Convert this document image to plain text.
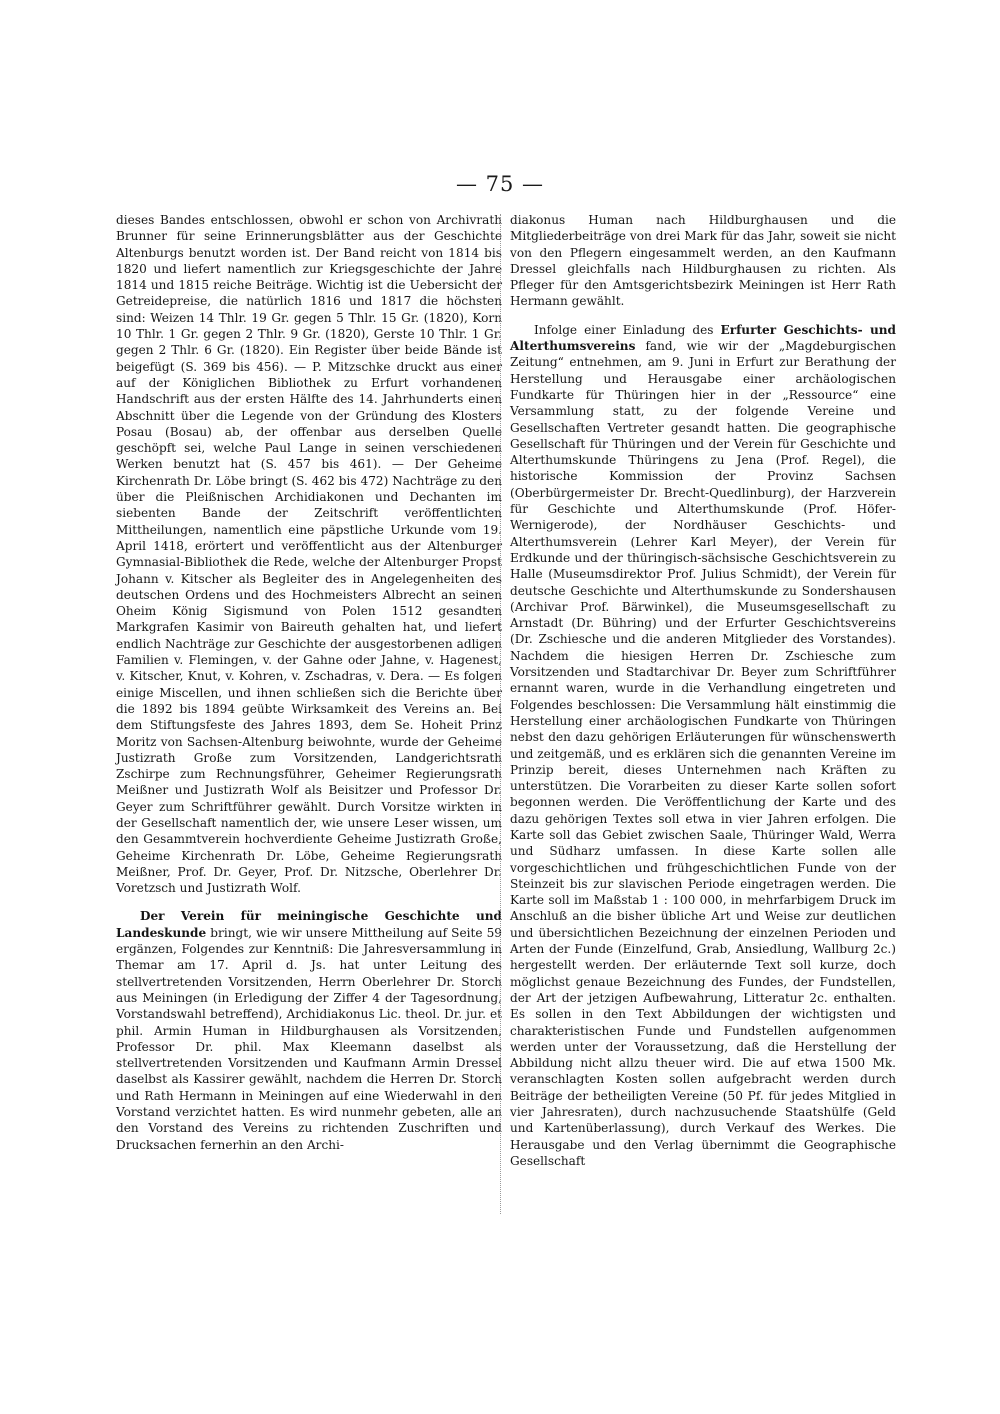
— 75 —

dieses Bandes entschlossen, obwohl er schon von Archivrath Brunner für seine Erinnerungsblätter aus der Geschichte Altenburgs benutzt worden ist. Der Band reicht von 1814 bis 1820 und liefert namentlich zur Kriegsgeschichte der Jahre 1814 und 1815 reiche Beiträge. Wichtig ist die Uebersicht der Getreidepreise, die natürlich 1816 und 1817 die höchsten sind: Weizen 14 Thlr. 19 Gr. gegen 5 Thlr. 15 Gr. (1820), Korn 10 Thlr. 1 Gr. gegen 2 Thlr. 9 Gr. (1820), Gerste 10 Thlr. 1 Gr. gegen 2 Thlr. 6 Gr. (1820). Ein Register über beide Bände ist beigefügt (S. 369 bis 456). — P. Mitzschke druckt aus einer auf der Königlichen Bibliothek zu Erfurt vorhandenen Handschrift aus der ersten Hälfte des 14. Jahrhunderts einen Abschnitt über die Legende von der Gründung des Klosters Posau (Bosau) ab, der offenbar aus derselben Quelle geschöpft sei, welche Paul Lange in seinen verschiedenen Werken benutzt hat (S. 457 bis 461). — Der Geheime Kirchenrath Dr. Löbe bringt (S. 462 bis 472) Nachträge zu den über die Pleißnischen Archidiakonen und Dechanten im siebenten Bande der Zeitschrift veröffentlichten Mittheilungen, namentlich eine päpstliche Urkunde vom 19. April 1418, erörtert und veröffentlicht aus der Altenburger Gymnasial-Bibliothek die Rede, welche der Altenburger Propst Johann v. Kitscher als Begleiter des in Angelegenheiten des deutschen Ordens und des Hochmeisters Albrecht an seinen Oheim König Sigismund von Polen 1512 gesandten Markgrafen Kasimir von Baireuth gehalten hat, und liefert endlich Nachträge zur Geschichte der ausgestorbenen adligen Familien v. Flemingen, v. der Gahne oder Jahne, v. Hagenest, v. Kitscher, Knut, v. Kohren, v. Zschadras, v. Dera. — Es folgen einige Miscellen, und ihnen schließen sich die Berichte über die 1892 bis 1894 geübte Wirksamkeit des Vereins an. Bei dem Stiftungsfeste des Jahres 1893, dem Se. Hoheit Prinz Moritz von Sachsen-Altenburg beiwohnte, wurde der Geheime Justizrath Große zum Vorsitzenden, Landgerichtsrath Zschirpe zum Rechnungsführer, Geheimer Regierungsrath Meißner und Justizrath Wolf als Beisitzer und Professor Dr. Geyer zum Schriftführer gewählt. Durch Vorsitze wirkten in der Gesellschaft namentlich der, wie unsere Leser wissen, um den Gesammtverein hochverdiente Geheime Justizrath Große, Geheime Kirchenrath Dr. Löbe, Geheime Regierungsrath Meißner, Prof. Dr. Geyer, Prof. Dr. Nitzsche, Oberlehrer Dr. Voretzsch und Justizrath Wolf.

Der Verein für meiningische Geschichte und Landeskunde bringt, wie wir unsere Mittheilung auf Seite 59 ergänzen, Folgendes zur Kenntniß: Die Jahresversammlung in Themar am 17. April d. Js. hat unter Leitung des stellvertretenden Vorsitzenden, Herrn Oberlehrer Dr. Storch aus Meiningen (in Erledigung der Ziffer 4 der Tagesordnung, Vorstandswahl betreffend), Archidiakonus Lic. theol. Dr. jur. et phil. Armin Human in Hildburghausen als Vorsitzenden, Professor Dr. phil. Max Kleemann daselbst als stellvertretenden Vorsitzenden und Kaufmann Armin Dressel daselbst als Kassirer gewählt, nachdem die Herren Dr. Storch und Rath Hermann in Meiningen auf eine Wiederwahl in den Vorstand verzichtet hatten. Es wird nunmehr gebeten, alle an den Vorstand des Vereins zu richtenden Zuschriften und Drucksachen fernerhin an den Archi-

diakonus Human nach Hildburghausen und die Mitgliederbeiträge von drei Mark für das Jahr, soweit sie nicht von den Pflegern eingesammelt werden, an den Kaufmann Dressel gleichfalls nach Hildburghausen zu richten. Als Pfleger für den Amtsgerichtsbezirk Meiningen ist Herr Rath Hermann gewählt.

Infolge einer Einladung des Erfurter Geschichts- und Alterthumsvereins fand, wie wir der „Magdeburgischen Zeitung“ entnehmen, am 9. Juni in Erfurt zur Berathung der Herstellung und Herausgabe einer archäologischen Fundkarte für Thüringen hier in der „Ressource“ eine Versammlung statt, zu der folgende Vereine und Gesellschaften Vertreter gesandt hatten. Die geographische Gesellschaft für Thüringen und der Verein für Geschichte und Alterthumskunde Thüringens zu Jena (Prof. Regel), die historische Kommission der Provinz Sachsen (Oberbürgermeister Dr. Brecht-Quedlinburg), der Harzverein für Geschichte und Alterthumskunde (Prof. Höfer-Wernigerode), der Nordhäuser Geschichts- und Alterthumsverein (Lehrer Karl Meyer), der Verein für Erdkunde und der thüringisch-sächsische Geschichtsverein zu Halle (Museumsdirektor Prof. Julius Schmidt), der Verein für deutsche Geschichte und Alterthumskunde zu Sondershausen (Archivar Prof. Bärwinkel), die Museumsgesellschaft zu Arnstadt (Dr. Bühring) und der Erfurter Geschichtsvereins (Dr. Zschiesche und die anderen Mitglieder des Vorstandes). Nachdem die hiesigen Herren Dr. Zschiesche zum Vorsitzenden und Stadtarchivar Dr. Beyer zum Schriftführer ernannt waren, wurde in die Verhandlung eingetreten und Folgendes beschlossen: Die Versammlung hält einstimmig die Herstellung einer archäologischen Fundkarte von Thüringen nebst den dazu gehörigen Erläuterungen für wünschenswerth und zeitgemäß, und es erklären sich die genannten Vereine im Prinzip bereit, dieses Unternehmen nach Kräften zu unterstützen. Die Vorarbeiten zu dieser Karte sollen sofort begonnen werden. Die Veröffentlichung der Karte und des dazu gehörigen Textes soll etwa in vier Jahren erfolgen. Die Karte soll das Gebiet zwischen Saale, Thüringer Wald, Werra und Südharz umfassen. In diese Karte sollen alle vorgeschichtlichen und frühgeschichtlichen Funde von der Steinzeit bis zur slavischen Periode eingetragen werden. Die Karte soll im Maßstab 1 : 100 000, in mehrfarbigem Druck im Anschluß an die bisher übliche Art und Weise zur deutlichen und übersichtlichen Bezeichnung der einzelnen Perioden und Arten der Funde (Einzelfund, Grab, Ansiedlung, Wallburg 2c.) hergestellt werden. Der erläuternde Text soll kurze, doch möglichst genaue Bezeichnung des Fundes, der Fundstellen, der Art der jetzigen Aufbewahrung, Litteratur 2c. enthalten. Es sollen in den Text Abbildungen der wichtigsten und charakteristischen Funde und Fundstellen aufgenommen werden unter der Voraussetzung, daß die Herstellung der Abbildung nicht allzu theuer wird. Die auf etwa 1500 Mk. veranschlagten Kosten sollen aufgebracht werden durch Beiträge der betheiligten Vereine (50 Pf. für jedes Mitglied in vier Jahresraten), durch nachzusuchende Staatshülfe (Geld und Kartenüberlassung), durch Verkauf des Werkes. Die Herausgabe und den Verlag übernimmt die Geographische Gesellschaft
